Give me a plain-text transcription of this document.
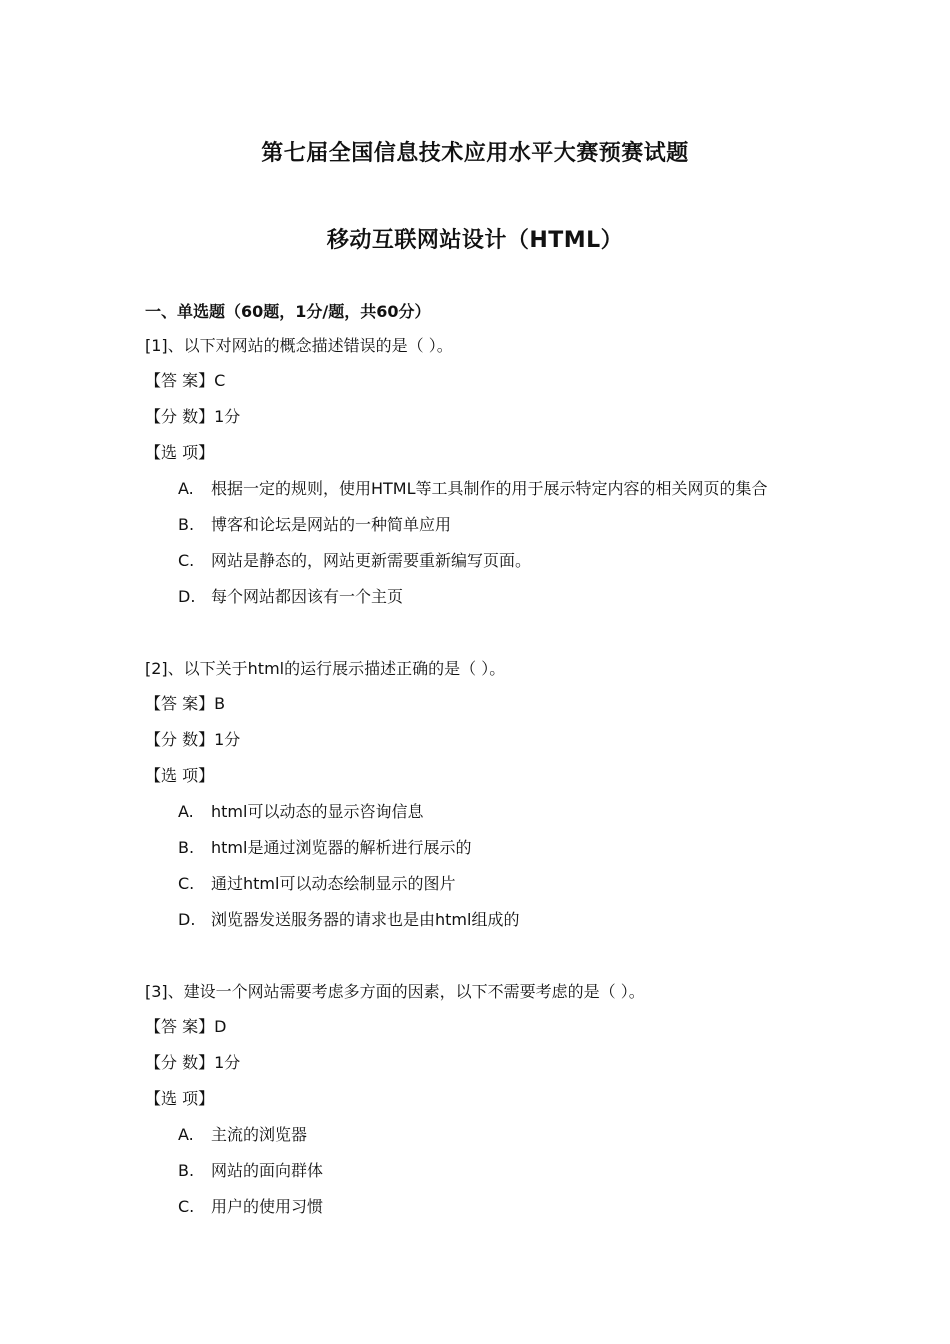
第七届全国信息技术应用水平大赛预赛试题
移动互联网站设计（HTML）
一、单选题（60题，1分/题，共60分）
[1]、以下对网站的概念描述错误的是（ ）。
【答 案】C
【分 数】1分
【选 项】
A. 根据一定的规则，使用HTML等工具制作的用于展示特定内容的相关网页的集合
B. 博客和论坛是网站的一种简单应用
C. 网站是静态的，网站更新需要重新编写页面。
D. 每个网站都因该有一个主页
[2]、以下关于html的运行展示描述正确的是（ ）。
【答 案】B
【分 数】1分
【选 项】
A. html可以动态的显示咨询信息
B. html是通过浏览器的解析进行展示的
C. 通过html可以动态绘制显示的图片
D. 浏览器发送服务器的请求也是由html组成的
[3]、建设一个网站需要考虑多方面的因素，以下不需要考虑的是（ ）。
【答 案】D
【分 数】1分
【选 项】
A. 主流的浏览器
B. 网站的面向群体
C. 用户的使用习惯
